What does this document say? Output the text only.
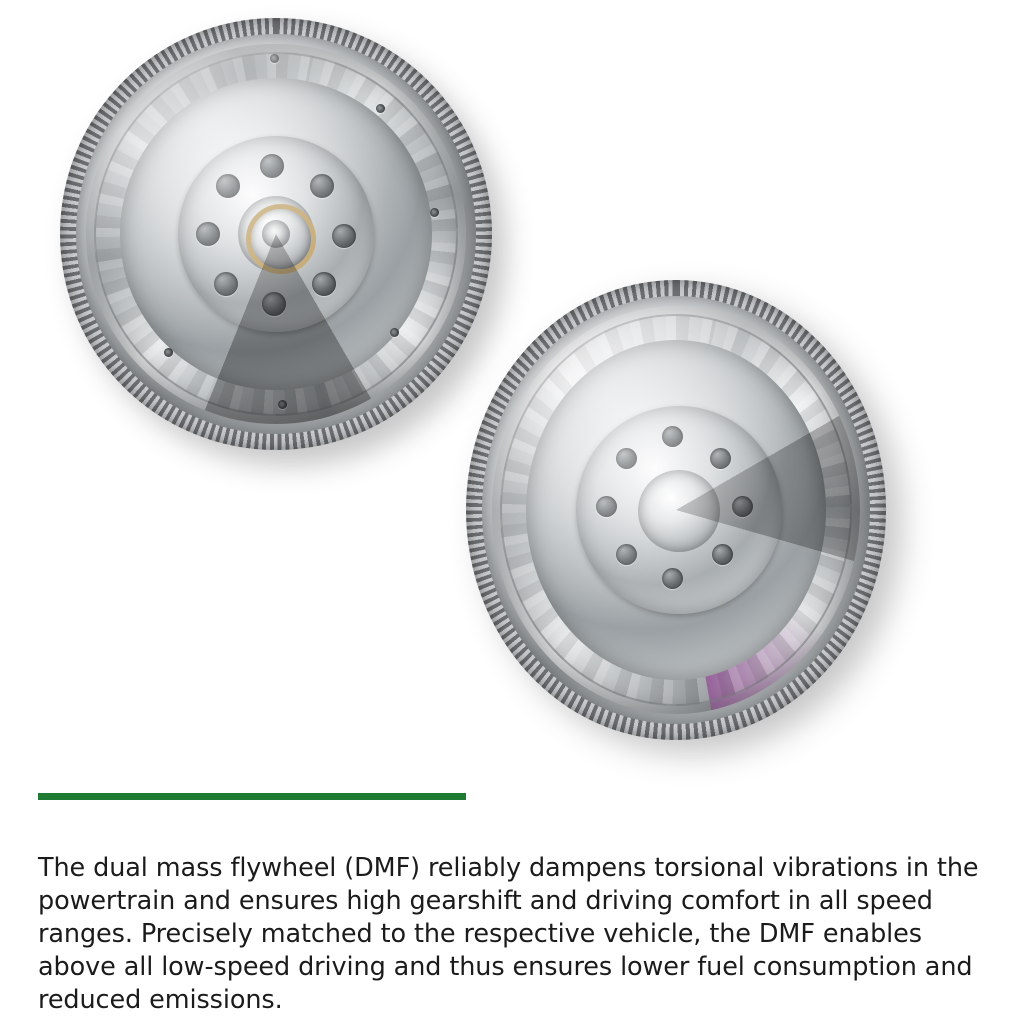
The dual mass flywheel (DMF) reliably dampens torsional vibrations in the powertrain and ensures high gearshift and driving comfort in all speed ranges. Precisely matched to the respective vehicle, the DMF enables above all low-speed driving and thus ensures lower fuel consumption and reduced emissions.
